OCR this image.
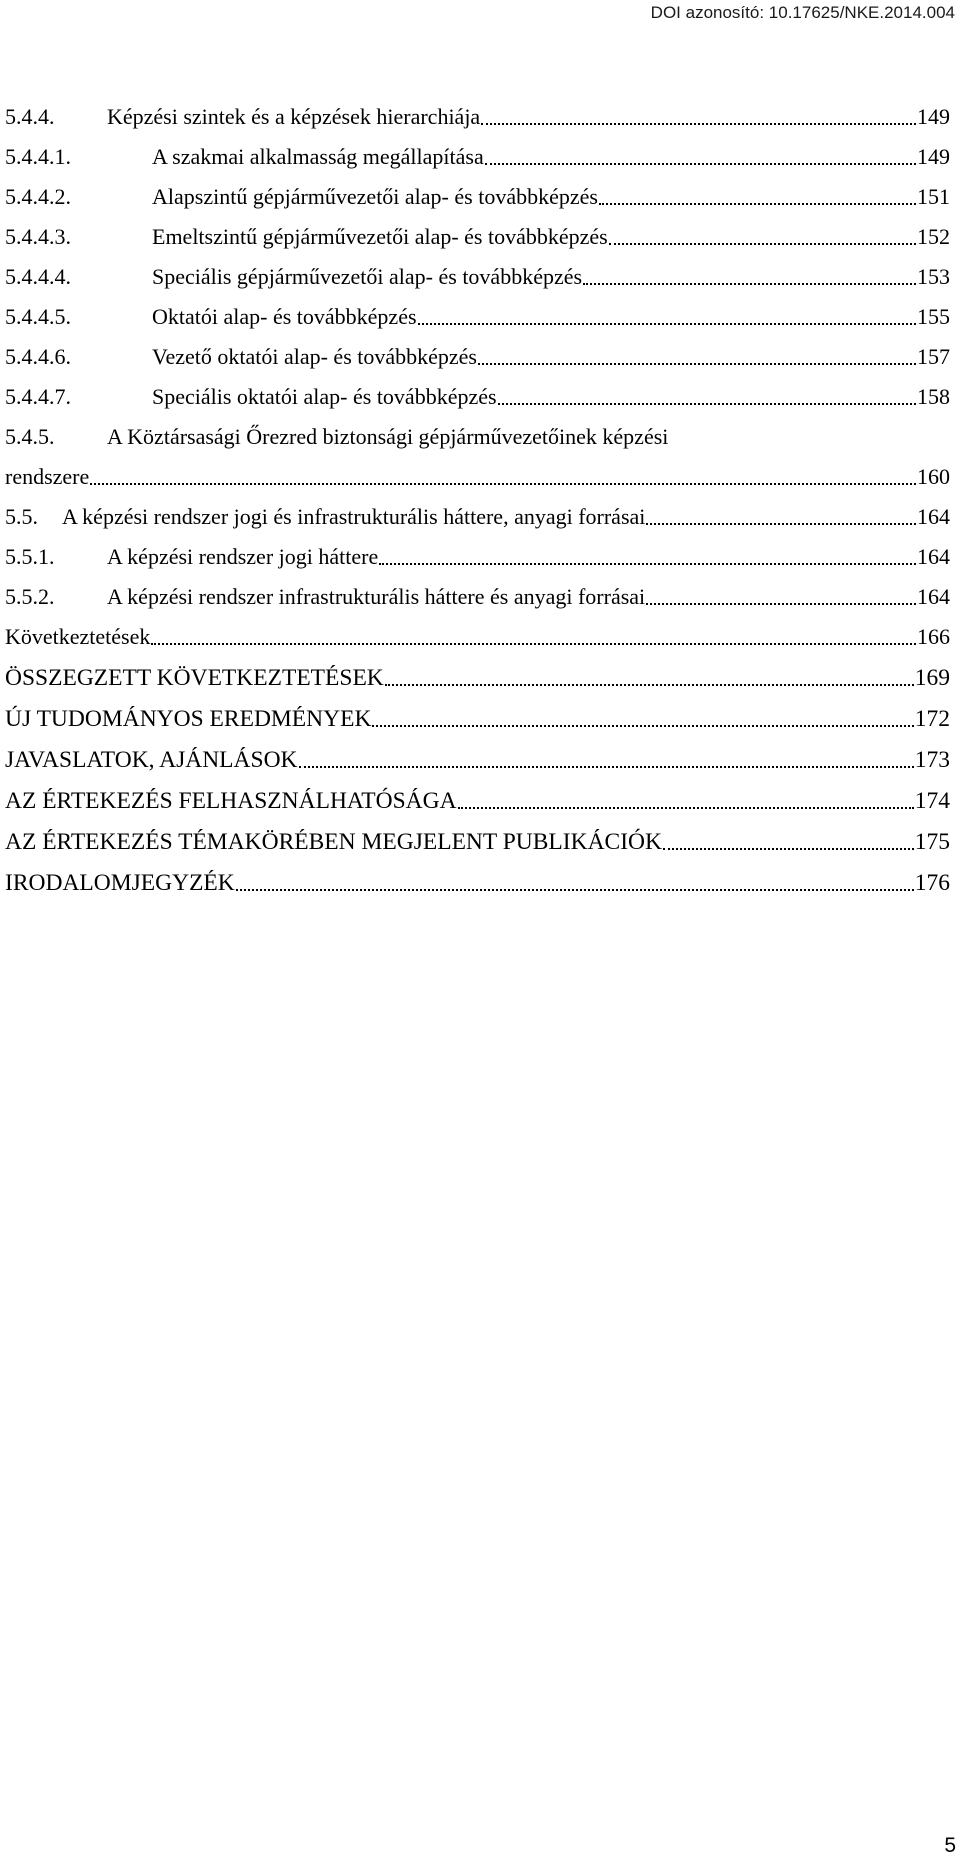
DOI azonosító: 10.17625/NKE.2014.004
5.4.4.	Képzési szintek és a képzések hierarchiája	149
5.4.4.1.	A szakmai alkalmasság megállapítása	149
5.4.4.2.	Alapszintű gépjárművezetői alap- és továbbképzés	151
5.4.4.3.	Emeltszintű gépjárművezetői alap- és továbbképzés	152
5.4.4.4.	Speciális gépjárművezetői alap- és továbbképzés	153
5.4.4.5.	Oktatói alap- és továbbképzés	155
5.4.4.6.	Vezető oktatói alap- és továbbképzés	157
5.4.4.7.	Speciális oktatói alap- és továbbképzés	158
5.4.5.	A Köztársasági Őrezred biztonsági gépjárművezetőinek képzési
rendszere	160
5.5.	A képzési rendszer jogi és infrastrukturális háttere, anyagi forrásai	164
5.5.1.	A képzési rendszer jogi háttere	164
5.5.2.	A képzési rendszer infrastrukturális háttere és anyagi forrásai	164
Következtetések	166
ÖSSZEGZETT KÖVETKEZTETÉSEK	169
ÚJ TUDOMÁNYOS EREDMÉNYEK	172
JAVASLATOK, AJÁNLÁSOK	173
AZ ÉRTEKEZÉS FELHASZNÁLHATÓSÁGA	174
AZ ÉRTEKEZÉS TÉMAKÖRÉBEN MEGJELENT PUBLIKÁCIÓK	175
IRODALOMJEGYZÉK	176
5
